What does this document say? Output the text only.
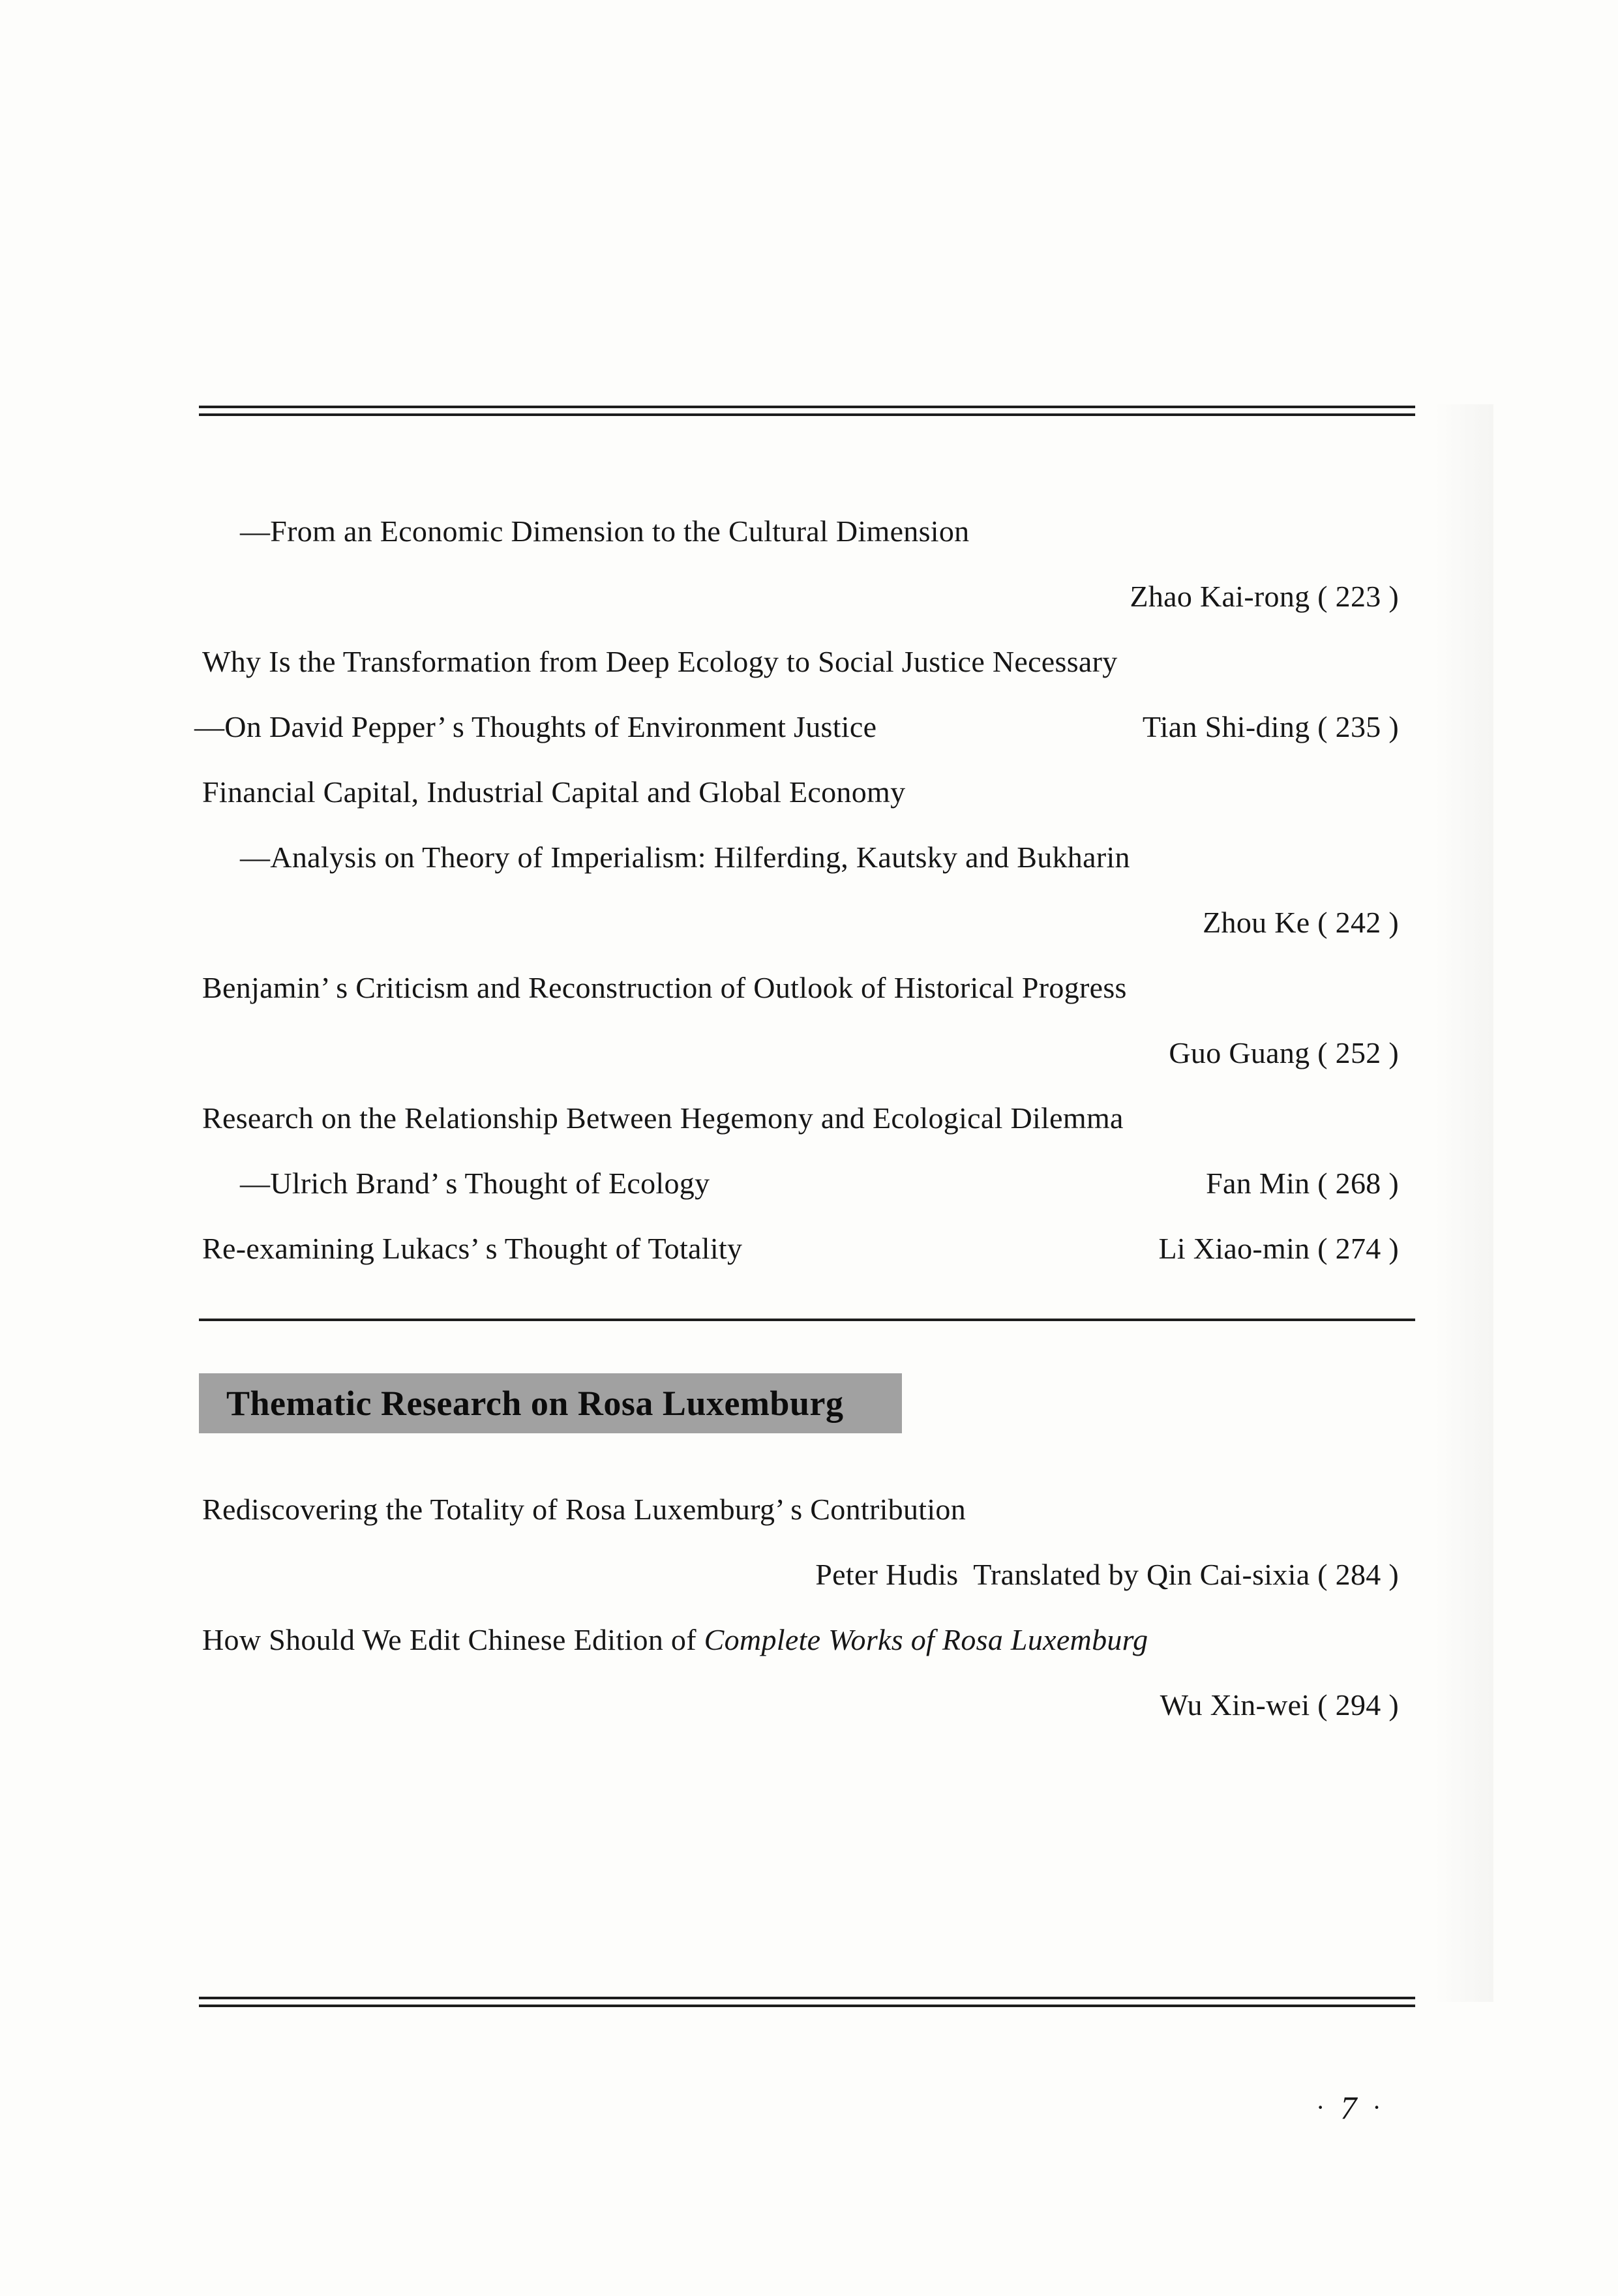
—From an Economic Dimension to the Cultural Dimension
Zhao Kai-rong ( 223 )
Why Is the Transformation from Deep Ecology to Social Justice Necessary
—On David Pepper’ s Thoughts of Environment Justice	Tian Shi-ding ( 235 )
Financial Capital, Industrial Capital and Global Economy
—Analysis on Theory of Imperialism: Hilferding, Kautsky and Bukharin
Zhou Ke ( 242 )
Benjamin’ s Criticism and Reconstruction of Outlook of Historical Progress
Guo Guang ( 252 )
Research on the Relationship Between Hegemony and Ecological Dilemma
—Ulrich Brand’ s Thought of Ecology	Fan Min ( 268 )
Re-examining Lukacs’ s Thought of Totality	Li Xiao-min ( 274 )
Thematic Research on Rosa Luxemburg
Rediscovering the Totality of Rosa Luxemburg’ s Contribution
Peter Hudis  Translated by Qin Cai-sixia ( 284 )
How Should We Edit Chinese Edition of Complete Works of Rosa Luxemburg
Wu Xin-wei ( 294 )
· 7 ·
